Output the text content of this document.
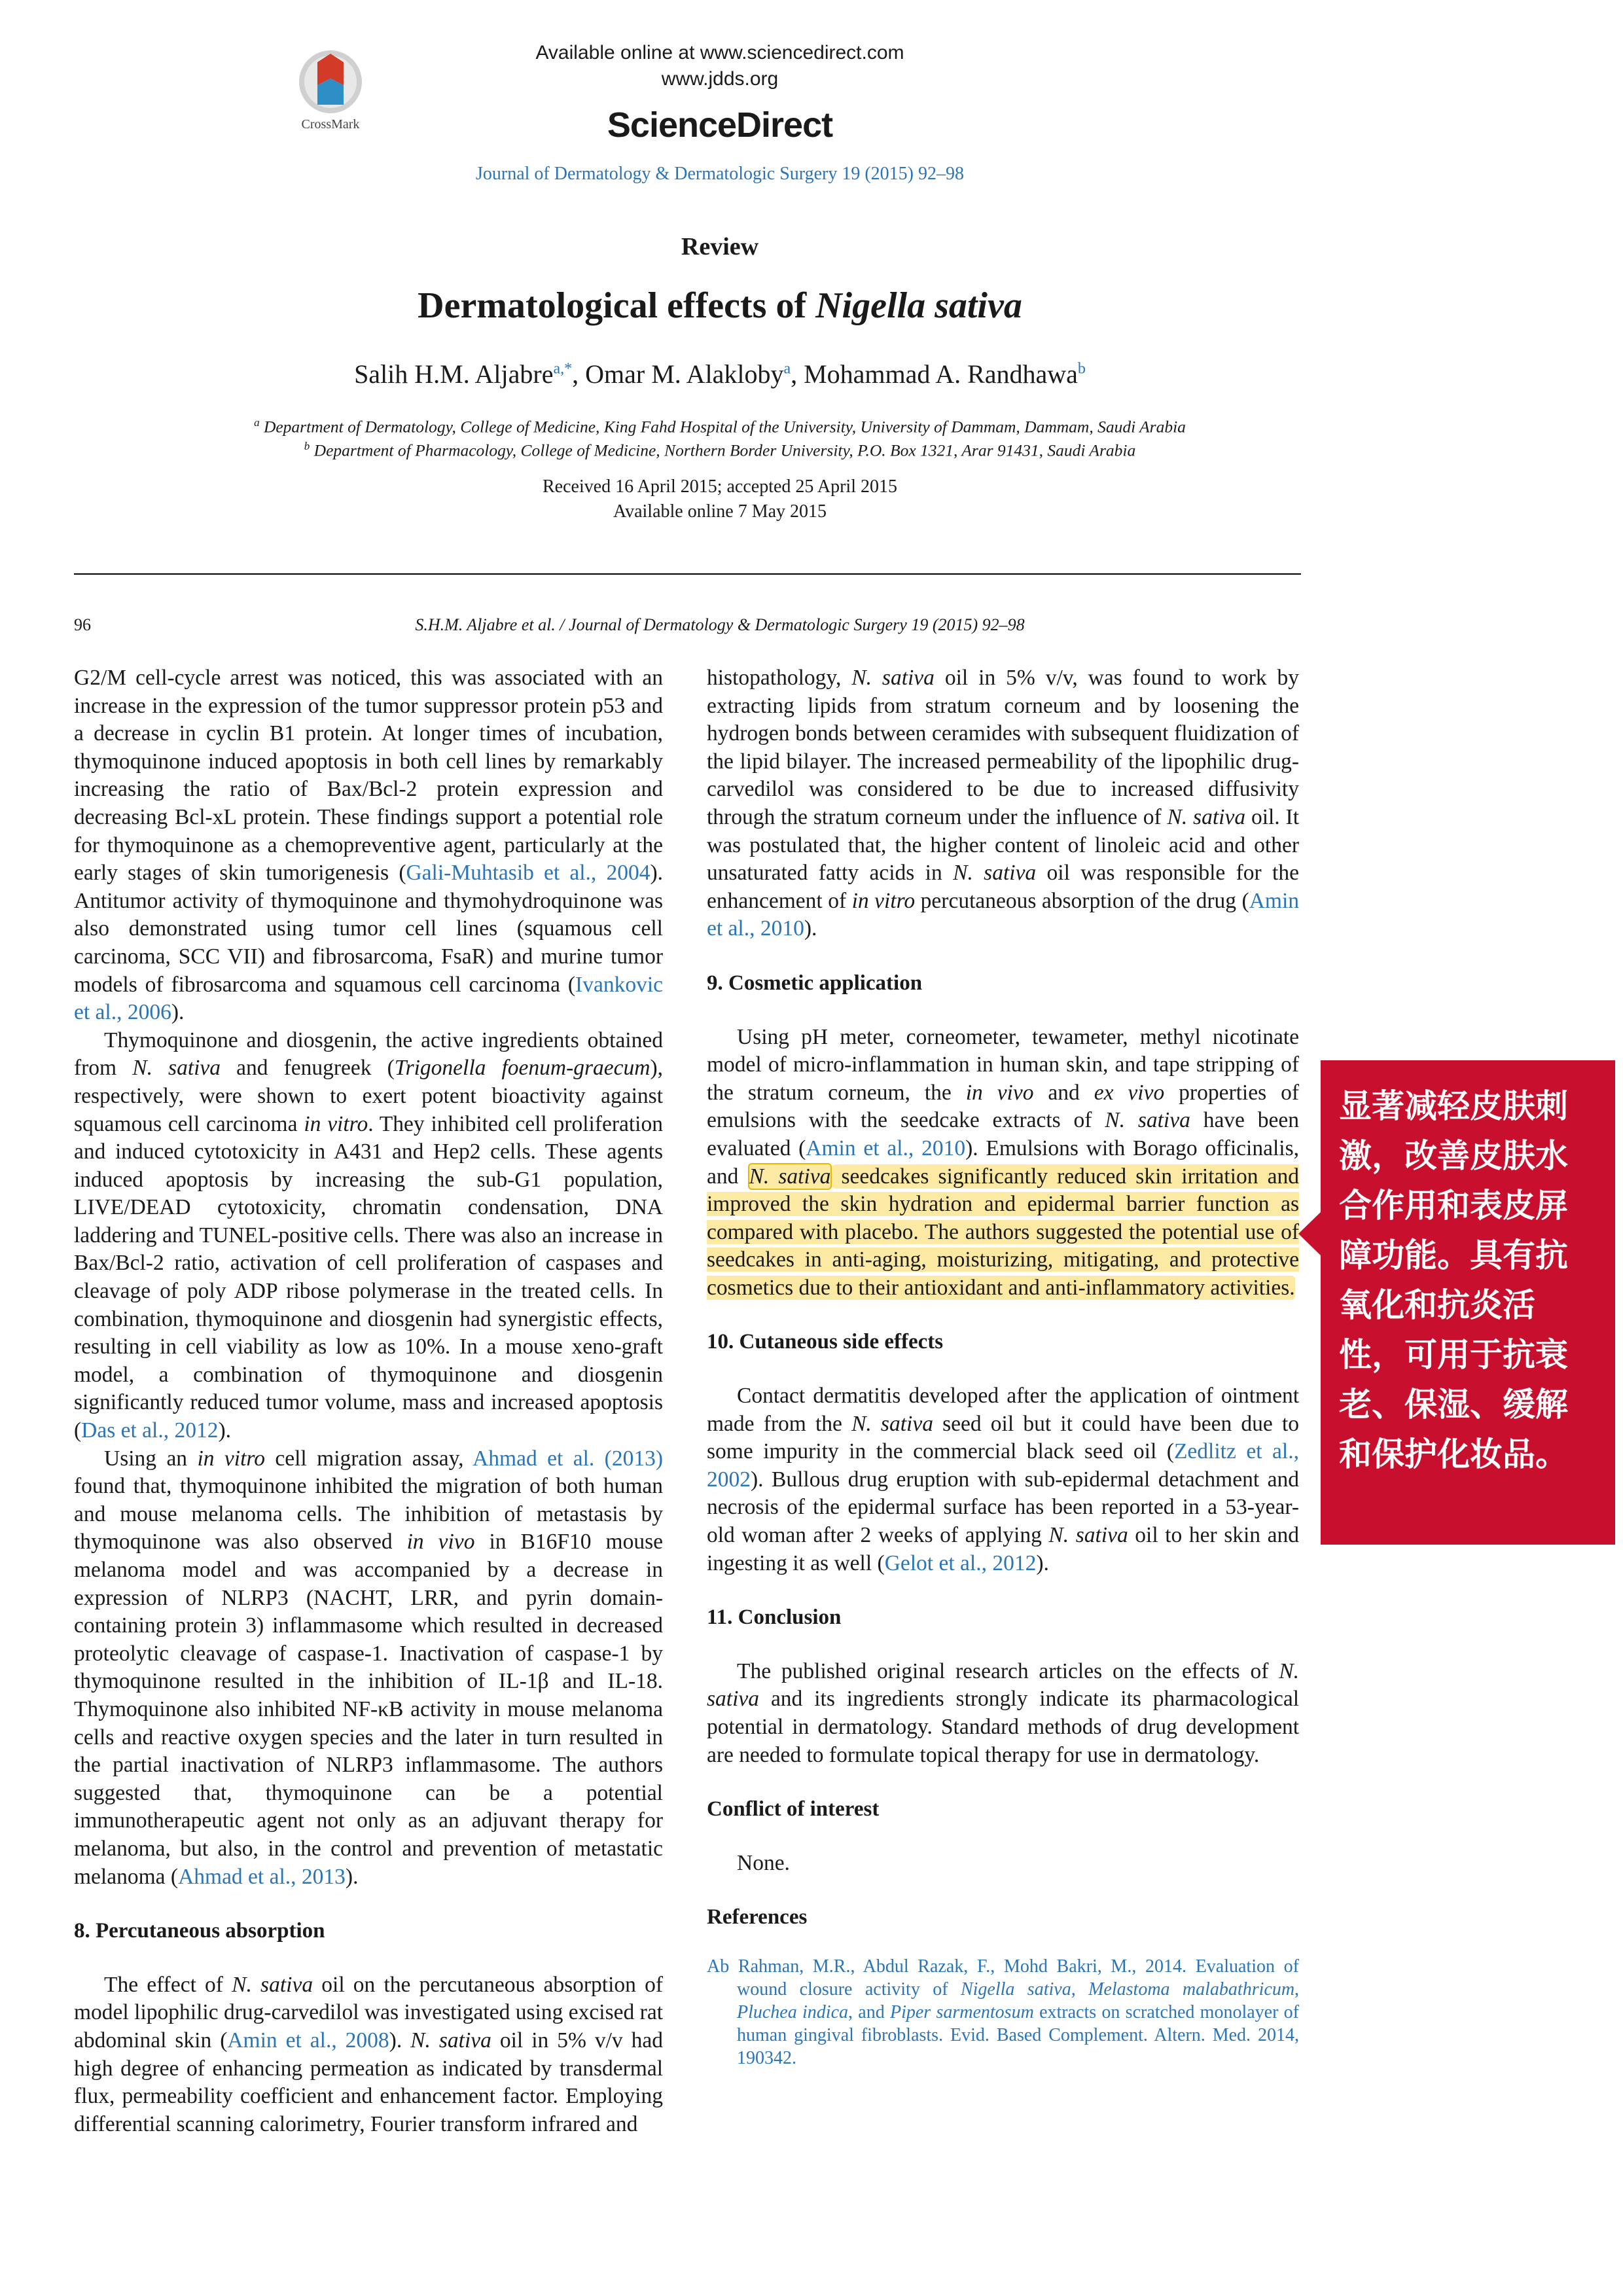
CrossMark
Available online at www.sciencedirect.com
www.jdds.org
ScienceDirect
Journal of Dermatology & Dermatologic Surgery 19 (2015) 92–98
Review
Dermatological effects of Nigella sativa
Salih H.M. Aljabre$^{a,*}$, Omar M. Alakloby$^a$, Mohammad A. Randhawa$^b$
$^a$ Department of Dermatology, College of Medicine, King Fahd Hospital of the University, University of Dammam, Dammam, Saudi Arabia
$^b$ Department of Pharmacology, College of Medicine, Northern Border University, P.O. Box 1321, Arar 91431, Saudi Arabia
Received 16 April 2015; accepted 25 April 2015
Available online 7 May 2015
96	S.H.M. Aljabre et al. / Journal of Dermatology & Dermatologic Surgery 19 (2015) 92–98

G2/M cell-cycle arrest was noticed, this was associated with an increase in the expression of the tumor suppressor protein p53 and a decrease in cyclin B1 protein. At longer times of incubation, thymoquinone induced apoptosis in both cell lines by remarkably increasing the ratio of Bax/Bcl-2 protein expression and decreasing Bcl-xL protein. These findings support a potential role for thymoquinone as a chemopreventive agent, particularly at the early stages of skin tumorigenesis (Gali-Muhtasib et al., 2004). Antitumor activity of thymoquinone and thymohydroquinone was also demonstrated using tumor cell lines (squamous cell carcinoma, SCC VII) and fibrosarcoma, FsaR) and murine tumor models of fibrosarcoma and squamous cell carcinoma (Ivankovic et al., 2006).

Thymoquinone and diosgenin, the active ingredients obtained from N. sativa and fenugreek (Trigonella foenum-graecum), respectively, were shown to exert potent bioactivity against squamous cell carcinoma in vitro. They inhibited cell proliferation and induced cytotoxicity in A431 and Hep2 cells. These agents induced apoptosis by increasing the sub-G1 population, LIVE/DEAD cytotoxicity, chromatin condensation, DNA laddering and TUNEL-positive cells. There was also an increase in Bax/Bcl-2 ratio, activation of cell proliferation of caspases and cleavage of poly ADP ribose polymerase in the treated cells. In combination, thymoquinone and diosgenin had synergistic effects, resulting in cell viability as low as 10%. In a mouse xeno-graft model, a combination of thymoquinone and diosgenin significantly reduced tumor volume, mass and increased apoptosis (Das et al., 2012).

Using an in vitro cell migration assay, Ahmad et al. (2013) found that, thymoquinone inhibited the migration of both human and mouse melanoma cells. The inhibition of metastasis by thymoquinone was also observed in vivo in B16F10 mouse melanoma model and was accompanied by a decrease in expression of NLRP3 (NACHT, LRR, and pyrin domain-containing protein 3) inflammasome which resulted in decreased proteolytic cleavage of caspase-1. Inactivation of caspase-1 by thymoquinone resulted in the inhibition of IL-1β and IL-18. Thymoquinone also inhibited NF-κB activity in mouse melanoma cells and reactive oxygen species and the later in turn resulted in the partial inactivation of NLRP3 inflammasome. The authors suggested that, thymoquinone can be a potential immunotherapeutic agent not only as an adjuvant therapy for melanoma, but also, in the control and prevention of metastatic melanoma (Ahmad et al., 2013).

8. Percutaneous absorption

The effect of N. sativa oil on the percutaneous absorption of model lipophilic drug-carvedilol was investigated using excised rat abdominal skin (Amin et al., 2008). N. sativa oil in 5% v/v had high degree of enhancing permeation as indicated by transdermal flux, permeability coefficient and enhancement factor. Employing differential scanning calorimetry, Fourier transform infrared and

histopathology, N. sativa oil in 5% v/v, was found to work by extracting lipids from stratum corneum and by loosening the hydrogen bonds between ceramides with subsequent fluidization of the lipid bilayer. The increased permeability of the lipophilic drug-carvedilol was considered to be due to increased diffusivity through the stratum corneum under the influence of N. sativa oil. It was postulated that, the higher content of linoleic acid and other unsaturated fatty acids in N. sativa oil was responsible for the enhancement of in vitro percutaneous absorption of the drug (Amin et al., 2010).

9. Cosmetic application

Using pH meter, corneometer, tewameter, methyl nicotinate model of micro-inflammation in human skin, and tape stripping of the stratum corneum, the in vivo and ex vivo properties of emulsions with the seedcake extracts of N. sativa have been evaluated (Amin et al., 2010). Emulsions with Borago officinalis, and N. sativa seedcakes significantly reduced skin irritation and improved the skin hydration and epidermal barrier function as compared with placebo. The authors suggested the potential use of seedcakes in anti-aging, moisturizing, mitigating, and protective cosmetics due to their antioxidant and anti-inflammatory activities.

10. Cutaneous side effects

Contact dermatitis developed after the application of ointment made from the N. sativa seed oil but it could have been due to some impurity in the commercial black seed oil (Zedlitz et al., 2002). Bullous drug eruption with sub-epidermal detachment and necrosis of the epidermal surface has been reported in a 53-year-old woman after 2 weeks of applying N. sativa oil to her skin and ingesting it as well (Gelot et al., 2012).

11. Conclusion

The published original research articles on the effects of N. sativa and its ingredients strongly indicate its pharmacological potential in dermatology. Standard methods of drug development are needed to formulate topical therapy for use in dermatology.

Conflict of interest

None.

References

Ab Rahman, M.R., Abdul Razak, F., Mohd Bakri, M., 2014. Evaluation of wound closure activity of Nigella sativa, Melastoma malabathricum, Pluchea indica, and Piper sarmentosum extracts on scratched monolayer of human gingival fibroblasts. Evid. Based Complement. Altern. Med. 2014, 190342.

显著减轻皮肤刺激，改善皮肤水合作用和表皮屏障功能。具有抗氧化和抗炎活性，可用于抗衰老、保湿、缓解和保护化妆品。
